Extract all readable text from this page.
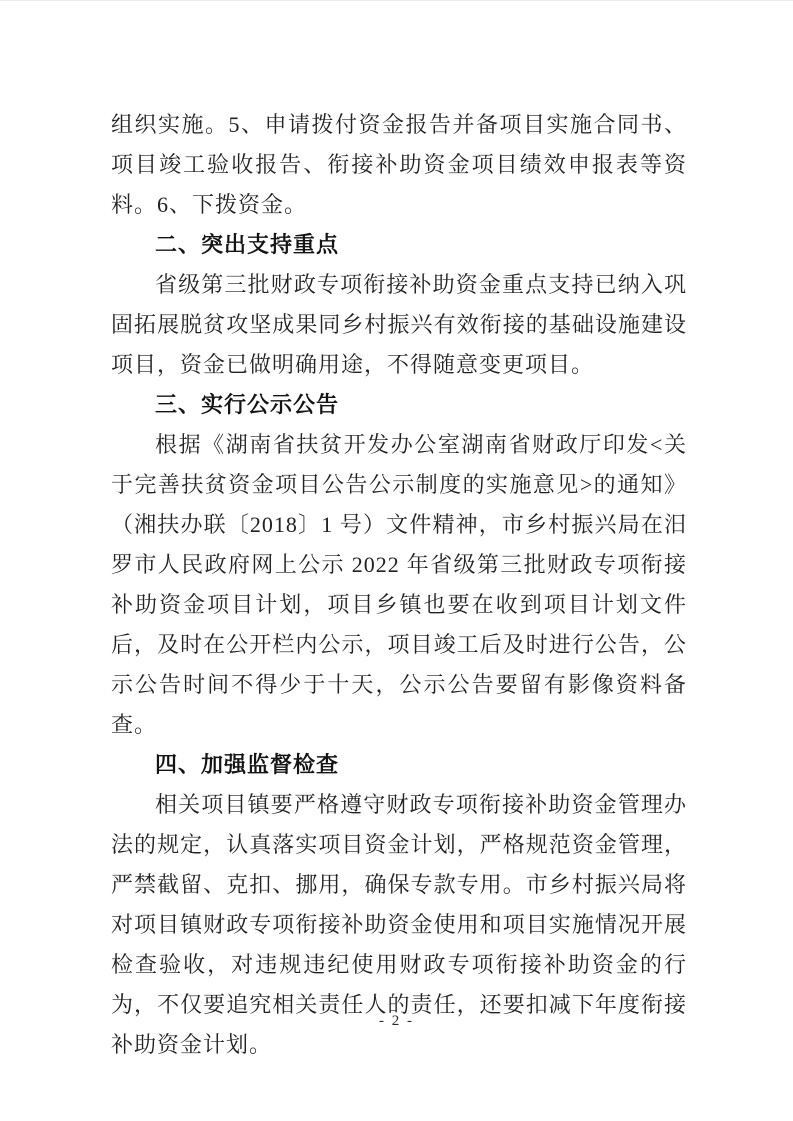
组织实施。5、申请拨付资金报告并备项目实施合同书、项目竣工验收报告、衔接补助资金项目绩效申报表等资料。6、下拨资金。

二、突出支持重点

省级第三批财政专项衔接补助资金重点支持已纳入巩固拓展脱贫攻坚成果同乡村振兴有效衔接的基础设施建设项目，资金已做明确用途，不得随意变更项目。

三、实行公示公告

根据《湖南省扶贫开发办公室湖南省财政厅印发<关于完善扶贫资金项目公告公示制度的实施意见>的通知》（湘扶办联〔2018〕1 号）文件精神，市乡村振兴局在汨罗市人民政府网上公示 2022 年省级第三批财政专项衔接补助资金项目计划，项目乡镇也要在收到项目计划文件后，及时在公开栏内公示，项目竣工后及时进行公告，公示公告时间不得少于十天，公示公告要留有影像资料备查。

四、加强监督检查

相关项目镇要严格遵守财政专项衔接补助资金管理办法的规定，认真落实项目资金计划，严格规范资金管理，严禁截留、克扣、挪用，确保专款专用。市乡村振兴局将对项目镇财政专项衔接补助资金使用和项目实施情况开展检查验收，对违规违纪使用财政专项衔接补助资金的行为，不仅要追究相关责任人的责任，还要扣减下年度衔接补助资金计划。

- 2 -
